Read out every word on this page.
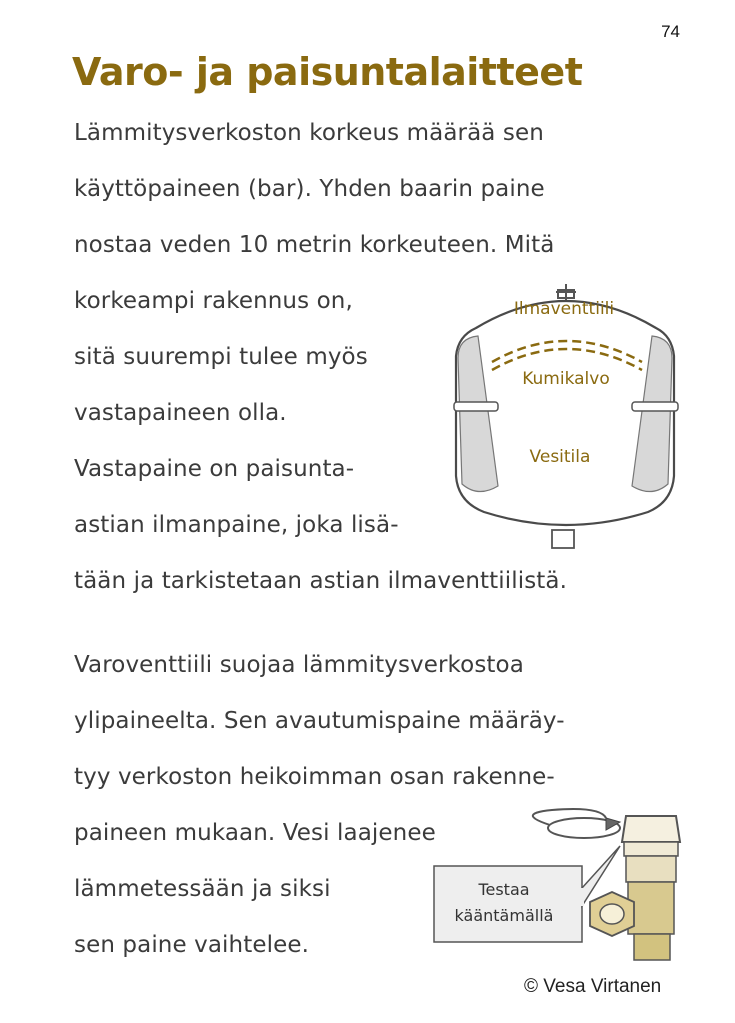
74
Varo- ja paisuntalaitteet
Lämmitysverkoston korkeus määrää sen
käyttöpaineen (bar). Yhden baarin paine
nostaa veden 10 metrin korkeuteen. Mitä
korkeampi rakennus on,
sitä suurempi tulee myös
vastapaineen olla.
Vastapaine on paisunta-
astian ilmanpaine, joka lisä-
tään ja tarkistetaan astian ilmaventtiilistä.
Ilmaventtiili
Kumikalvo
Vesitila
Varoventtiili suojaa lämmitysverkostoa
ylipaineelta. Sen avautumispaine määräy-
tyy verkoston heikoimman osan rakenne-
paineen mukaan. Vesi laajenee
lämmetessään ja siksi
sen paine vaihtelee.
Testaa
kääntämällä
© Vesa Virtanen
